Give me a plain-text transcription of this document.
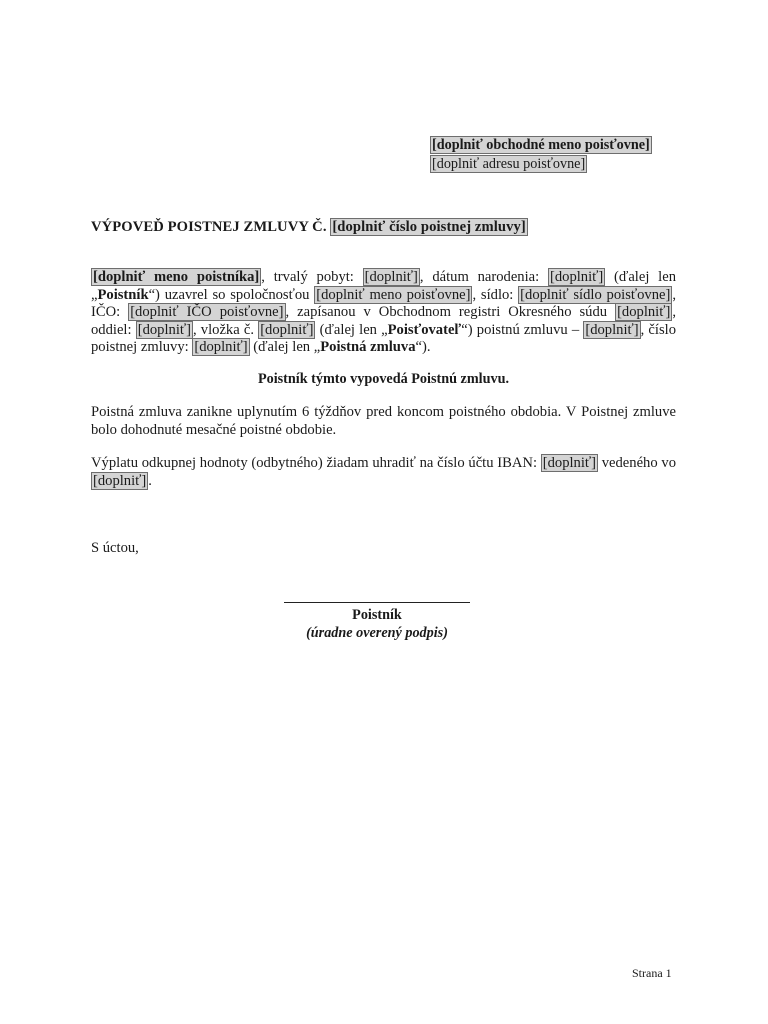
[doplniť obchodné meno poisťovne]
[doplniť adresu poisťovne]
VÝPOVEĎ POISTNEJ ZMLUVY Č. [doplniť číslo poistnej zmluvy]
[doplniť meno poistníka] , trvalý pobyt: [doplniť] , dátum narodenia: [doplniť] (ďalej len „Poistník“) uzavrel so spoločnosťou [doplniť meno poisťovne] , sídlo: [doplniť sídlo poisťovne] , IČO: [doplniť IČO poisťovne] , zapísanou v Obchodnom registri Okresného súdu [doplniť] , oddiel: [doplniť] , vložka č. [doplniť] (ďalej len „Poisťovateľ“) poistnú zmluvu – [doplniť] , číslo poistnej zmluvy: [doplniť] (ďalej len „Poistná zmluva“).
Poistník týmto vypovedá Poistnú zmluvu.
Poistná zmluva zanikne uplynutím 6 týždňov pred koncom poistného obdobia. V Poistnej zmluve bolo dohodnuté mesačné poistné obdobie.
Výplatu odkupnej hodnoty (odbytného) žiadam uhradiť na číslo účtu IBAN: [doplniť] vedeného vo [doplniť] .
S úctou,
Poistník
(úradne overený podpis)
Strana 1
